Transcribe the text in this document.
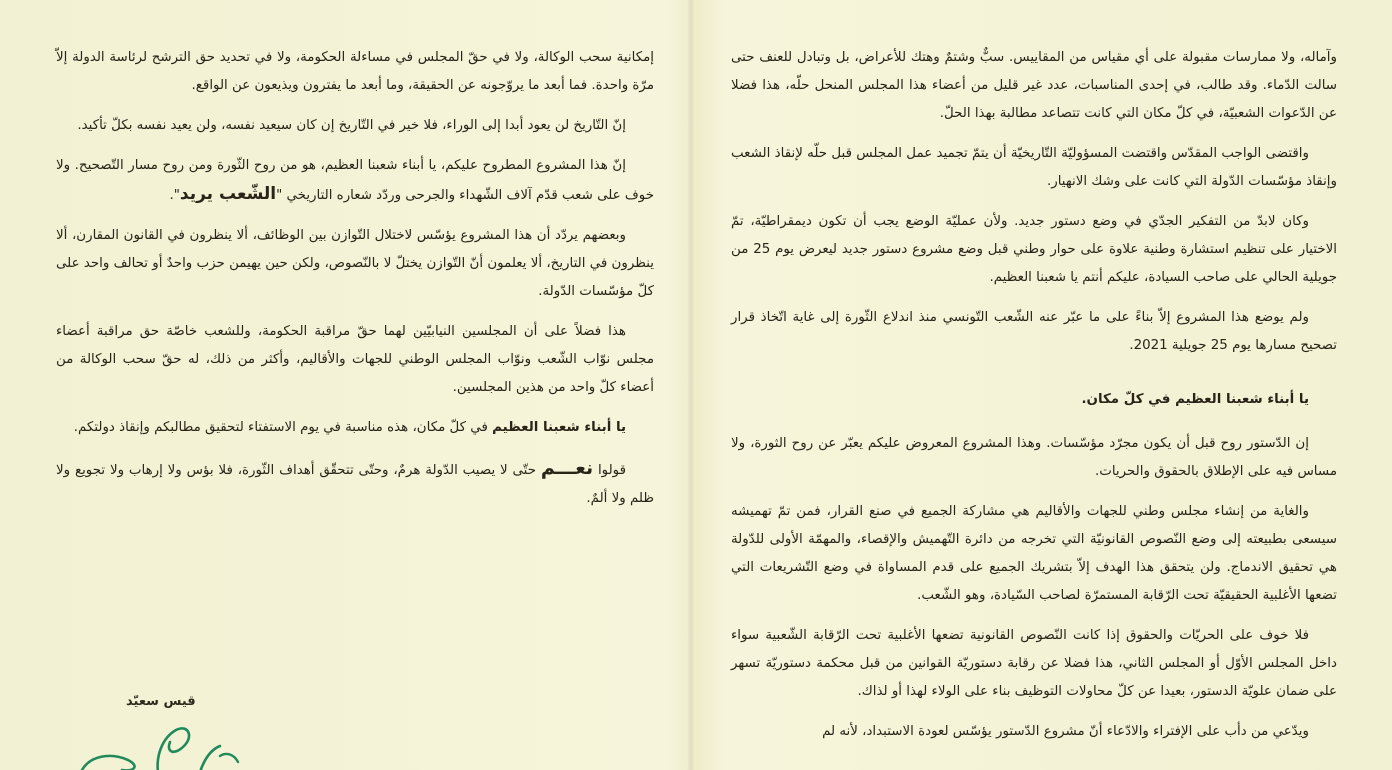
وآماله، ولا ممارسات مقبولة على أي مقياس من المقاييس. سبٌّ وشتمٌ وهتك للأعراض، بل وتبادل للعنف حتى سالت الدّماء. وقد طالب، في إحدى المناسبات، عدد غير قليل من أعضاء هذا المجلس المنحل حلّه، هذا فضلا عن الدّعوات الشعبيّة، في كلّ مكان التي كانت تتصاعد مطالبة بهذا الحلّ.

واقتضى الواجب المقدّس واقتضت المسؤوليّة التّاريخيّة أن يتمّ تجميد عمل المجلس قبل حلّه لإنقاذ الشعب وإنقاذ مؤسّسات الدّولة التي كانت على وشك الانهيار.

وكان لابدّ من التفكير الجدّي في وضع دستور جديد. ولأن عمليّة الوضع يجب أن تكون ديمقراطيّة، تمّ الاختيار على تنظيم استشارة وطنية علاوة على حوار وطني قبل وضع مشروع دستور جديد ليعرض يوم 25 من جويلية الحالي على صاحب السيادة، عليكم أنتم يا شعبنا العظيم.

ولم يوضع هذا المشروع إلاّ بناءً على ما عبّر عنه الشّعب التّونسي منذ اندلاع الثّورة إلى غاية اتّخاذ قرار تصحيح مسارها يوم 25 جويلية 2021.

يا أبناء شعبنا العظيم في كلّ مكان.

إن الدّستور روح قبل أن يكون مجرّد مؤسّسات. وهذا المشروع المعروض عليكم يعبّر عن روح الثورة، ولا مساس فيه على الإطلاق بالحقوق والحريات.

والغاية من إنشاء مجلس وطني للجهات والأقاليم هي مشاركة الجميع في صنع القرار، فمن تمّ تهميشه سيسعى بطبيعته إلى وضع النّصوص القانونيّة التي تخرجه من دائرة التّهميش والإقصاء، والمهمّة الأولى للدّولة هي تحقيق الاندماج. ولن يتحقق هذا الهدف إلاّ بتشريك الجميع على قدم المساواة في وضع التّشريعات التي تضعها الأغلبية الحقيقيّة تحت الرّقابة المستمرّة لصاحب السّيادة، وهو الشّعب.

فلا خوف على الحريّات والحقوق إذا كانت النّصوص القانونية تضعها الأغلبية تحت الرّقابة الشّعبية سواء داخل المجلس الأوّل أو المجلس الثاني، هذا فضلا عن رقابة دستوريّة القوانين من قبل محكمة دستوريّة تسهر على ضمان علويّة الدستور، بعيدا عن كلّ محاولات التوظيف بناء على الولاء لهذا أو لذاك.

ويدّعي من دأب على الإفتراء والادّعاء أنّ مشروع الدّستور يؤسّس لعودة الاستبداد، لأنه لم

إمكانية سحب الوكالة، ولا في حقّ المجلس في مساءلة الحكومة، ولا في تحديد حق الترشح لرئاسة الدولة إلاّ مرّة واحدة. فما أبعد ما يروّجونه عن الحقيقة، وما أبعد ما يفترون ويذيعون عن الواقع.

إنّ التّاريخ لن يعود أبدا إلى الوراء، فلا خير في التّاريخ إن كان سيعيد نفسه، ولن يعيد نفسه بكلّ تأكيد.

إنّ هذا المشروع المطروح عليكم، يا أبناء شعبنا العظيم، هو من روح الثّورة ومن روح مسار التّصحيح. ولا خوف على شعب قدّم آلاف الشّهداء والجرحى وردّد شعاره التاريخي "الشّعب يريد".

وبعضهم يردّد أن هذا المشروع يؤسّس لاختلال التّوازن بين الوظائف، ألا ينظرون في القانون المقارن، ألا ينظرون في التاريخ، ألا يعلمون أنّ التّوازن يختلّ لا بالنّصوص، ولكن حين يهيمن حزب واحدٌ أو تحالف واحد على كلّ مؤسّسات الدّولة.

هذا فضلاً على أن المجلسين النيابيّين لهما حقّ مراقبة الحكومة، وللشعب خاصّة حق مراقبة أعضاء مجلس نوّاب الشّعب ونوّاب المجلس الوطني للجهات والأقاليم، وأكثر من ذلك، له حقّ سحب الوكالة من أعضاء كلّ واحد من هذين المجلسين.

يا أبناء شعبنا العظيم في كلّ مكان، هذه مناسبة في يوم الاستفتاء لتحقيق مطالبكم وإنقاذ دولتكم.

قولوا نعـــم حتّى لا يصيب الدّولة هرمٌ، وحتّى تتحقّق أهداف الثّورة، فلا بؤس ولا إرهاب ولا تجويع ولا ظلم ولا ألمٌ.

قيس سعيّد
